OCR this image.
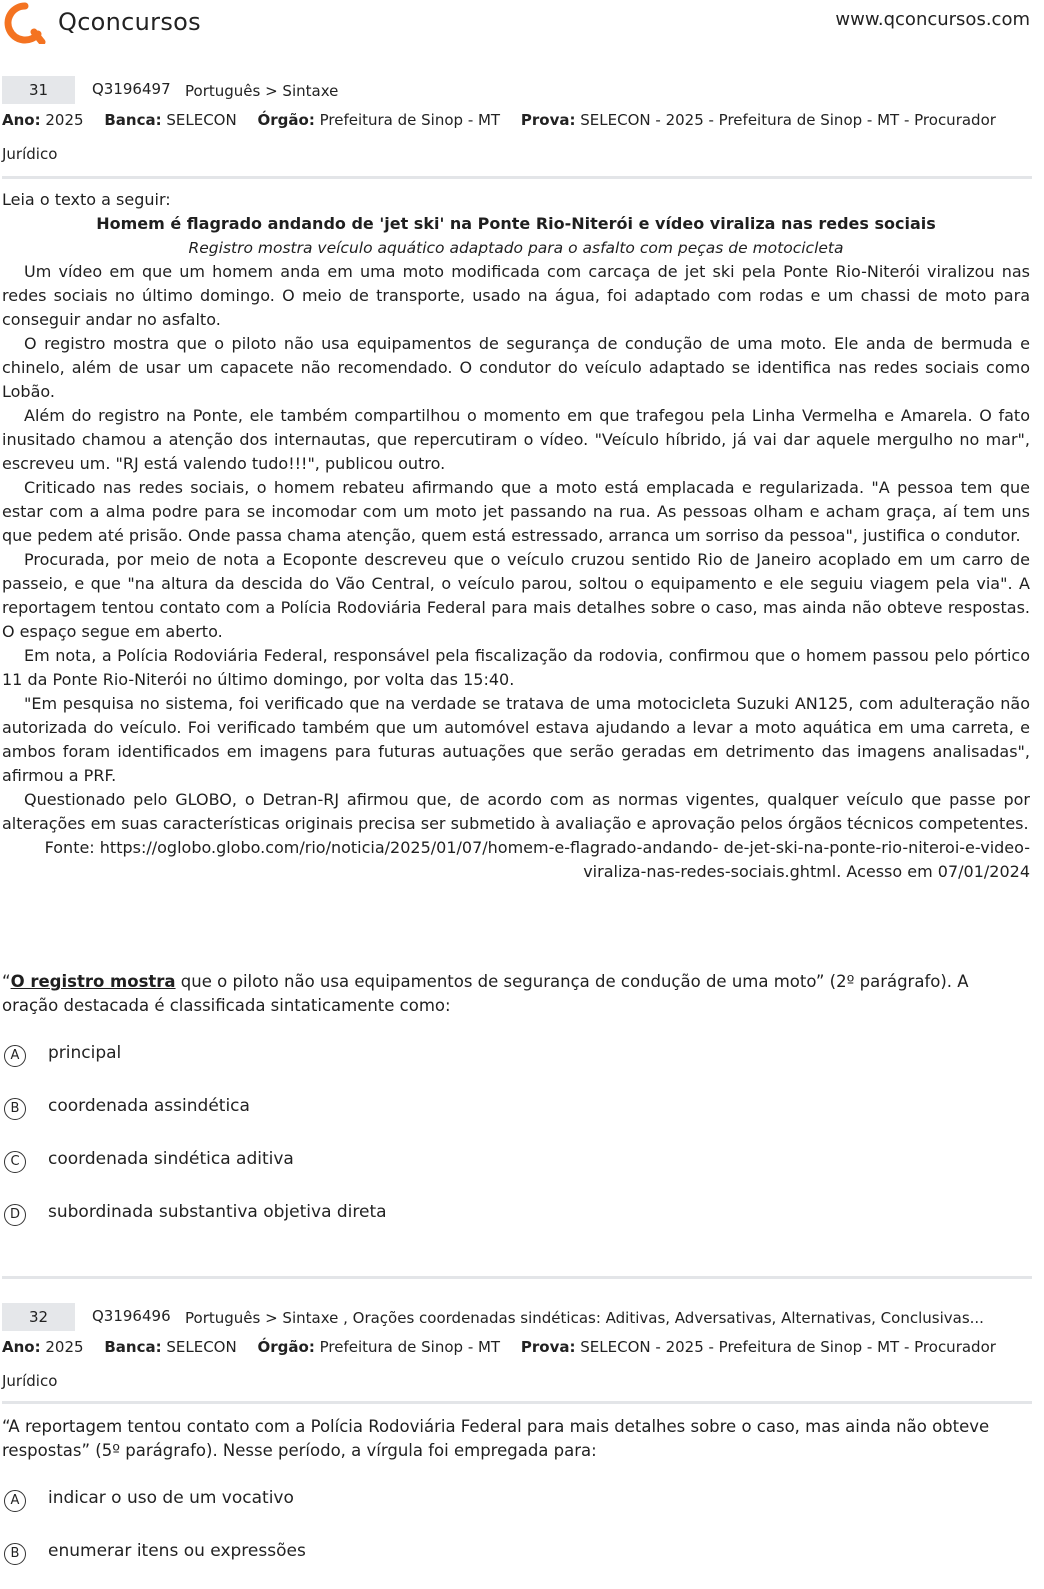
Qconcursos	www.qconcursos.com
31	Q3196497 Português > Sintaxe
Ano: 2025 Banca: SELECON Órgão: Prefeitura de Sinop - MT Prova: SELECON - 2025 - Prefeitura de Sinop - MT - Procurador
Jurídico

Leia o texto a seguir:

Homem é flagrado andando de 'jet ski' na Ponte Rio-Niterói e vídeo viraliza nas redes sociais

Registro mostra veículo aquático adaptado para o asfalto com peças de motocicleta

Um vídeo em que um homem anda em uma moto modificada com carcaça de jet ski pela Ponte Rio-Niterói viralizou nas redes sociais no último domingo. O meio de transporte, usado na água, foi adaptado com rodas e um chassi de moto para conseguir andar no asfalto.

O registro mostra que o piloto não usa equipamentos de segurança de condução de uma moto. Ele anda de bermuda e chinelo, além de usar um capacete não recomendado. O condutor do veículo adaptado se identifica nas redes sociais como Lobão.

Além do registro na Ponte, ele também compartilhou o momento em que trafegou pela Linha Vermelha e Amarela. O fato inusitado chamou a atenção dos internautas, que repercutiram o vídeo. "Veículo híbrido, já vai dar aquele mergulho no mar", escreveu um. "RJ está valendo tudo!!!", publicou outro.

Criticado nas redes sociais, o homem rebateu afirmando que a moto está emplacada e regularizada. "A pessoa tem que estar com a alma podre para se incomodar com um moto jet passando na rua. As pessoas olham e acham graça, aí tem uns que pedem até prisão. Onde passa chama atenção, quem está estressado, arranca um sorriso da pessoa", justifica o condutor.

Procurada, por meio de nota a Ecoponte descreveu que o veículo cruzou sentido Rio de Janeiro acoplado em um carro de passeio, e que "na altura da descida do Vão Central, o veículo parou, soltou o equipamento e ele seguiu viagem pela via". A reportagem tentou contato com a Polícia Rodoviária Federal para mais detalhes sobre o caso, mas ainda não obteve respostas. O espaço segue em aberto.

Em nota, a Polícia Rodoviária Federal, responsável pela fiscalização da rodovia, confirmou que o homem passou pelo pórtico 11 da Ponte Rio-Niterói no último domingo, por volta das 15:40.

"Em pesquisa no sistema, foi verificado que na verdade se tratava de uma motocicleta Suzuki AN125, com adulteração não autorizada do veículo. Foi verificado também que um automóvel estava ajudando a levar a moto aquática em uma carreta, e ambos foram identificados em imagens para futuras autuações que serão geradas em detrimento das imagens analisadas", afirmou a PRF.

Questionado pelo GLOBO, o Detran-RJ afirmou que, de acordo com as normas vigentes, qualquer veículo que passe por alterações em suas características originais precisa ser submetido à avaliação e aprovação pelos órgãos técnicos competentes.

Fonte: https://oglobo.globo.com/rio/noticia/2025/01/07/homem-e-flagrado-andando- de-jet-ski-na-ponte-rio-niteroi-e-video-viraliza-nas-redes-sociais.ghtml. Acesso em 07/01/2024

“O registro mostra que o piloto não usa equipamentos de segurança de condução de uma moto” (2º parágrafo). A oração destacada é classificada sintaticamente como:

A	principal
B	coordenada assindética
C	coordenada sindética aditiva
D	subordinada substantiva objetiva direta
32	Q3196496 Português > Sintaxe , Orações coordenadas sindéticas: Aditivas, Adversativas, Alternativas, Conclusivas...
Ano: 2025 Banca: SELECON Órgão: Prefeitura de Sinop - MT Prova: SELECON - 2025 - Prefeitura de Sinop - MT - Procurador
Jurídico

“A reportagem tentou contato com a Polícia Rodoviária Federal para mais detalhes sobre o caso, mas ainda não obteve respostas” (5º parágrafo). Nesse período, a vírgula foi empregada para:

A	indicar o uso de um vocativo
B	enumerar itens ou expressões
